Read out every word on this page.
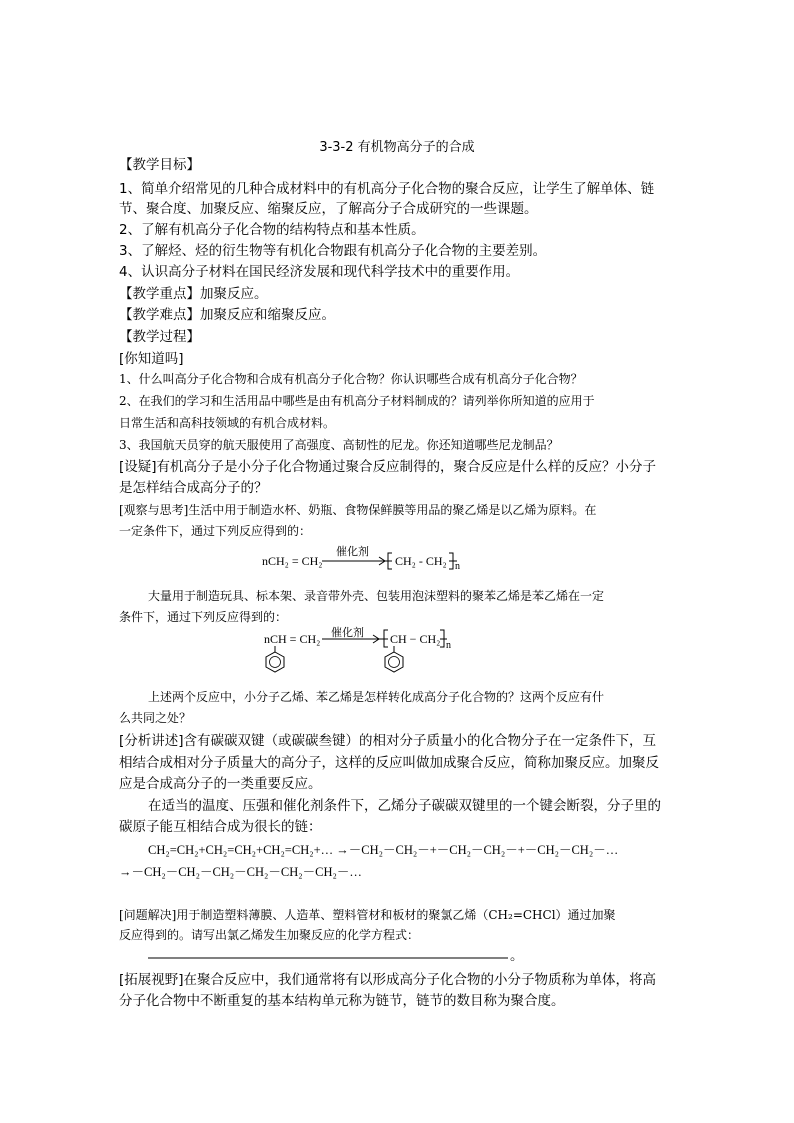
3-3-2 有机物高分子的合成
【教学目标】
1、简单介绍常见的几种合成材料中的有机高分子化合物的聚合反应，让学生了解单体、链
节、聚合度、加聚反应、缩聚反应，了解高分子合成研究的一些课题。
2、了解有机高分子化合物的结构特点和基本性质。
3、了解烃、烃的衍生物等有机化合物跟有机高分子化合物的主要差别。
4、认识高分子材料在国民经济发展和现代科学技术中的重要作用。
【教学重点】加聚反应。
【教学难点】加聚反应和缩聚反应。
【教学过程】
[你知道吗]
1、什么叫高分子化合物和合成有机高分子化合物？你认识哪些合成有机高分子化合物？
2、在我们的学习和生活用品中哪些是由有机高分子材料制成的？请列举你所知道的应用于
日常生活和高科技领域的有机合成材料。
3、我国航天员穿的航天服使用了高强度、高韧性的尼龙。你还知道哪些尼龙制品？
[设疑]有机高分子是小分子化合物通过聚合反应制得的，聚合反应是什么样的反应？小分子
是怎样结合成高分子的？
[观察与思考]生活中用于制造水杯、奶瓶、食物保鲜膜等用品的聚乙烯是以乙烯为原料。在
一定条件下，通过下列反应得到的：
nCH₂ = CH₂
催化剂
CH₂ - CH₂ n
大量用于制造玩具、标本架、录音带外壳、包装用泡沫塑料的聚苯乙烯是苯乙烯在一定
条件下，通过下列反应得到的：
nCH = CH₂ 催化剂 CH − CH₂ n
上述两个反应中，小分子乙烯、苯乙烯是怎样转化成高分子化合物的？这两个反应有什
么共同之处？
[分析讲述]含有碳碳双键（或碳碳叁键）的相对分子质量小的化合物分子在一定条件下，互
相结合成相对分子质量大的高分子，这样的反应叫做加成聚合反应，简称加聚反应。加聚反
应是合成高分子的一类重要反应。
在适当的温度、压强和催化剂条件下，乙烯分子碳碳双键里的一个键会断裂，分子里的
碳原子能互相结合成为很长的链：
CH₂=CH₂+CH₂=CH₂+CH₂=CH₂+… →－CH₂－CH₂－+－CH₂－CH₂－+－CH₂－CH₂－…
→－CH₂－CH₂－CH₂－CH₂－CH₂－CH₂－…
[问题解决]用于制造塑料薄膜、人造革、塑料管材和板材的聚氯乙烯（CH₂=CHCl）通过加聚
反应得到的。请写出氯乙烯发生加聚反应的化学方程式：
。
[拓展视野]在聚合反应中，我们通常将有以形成高分子化合物的小分子物质称为单体，将高
分子化合物中不断重复的基本结构单元称为链节，链节的数目称为聚合度。
